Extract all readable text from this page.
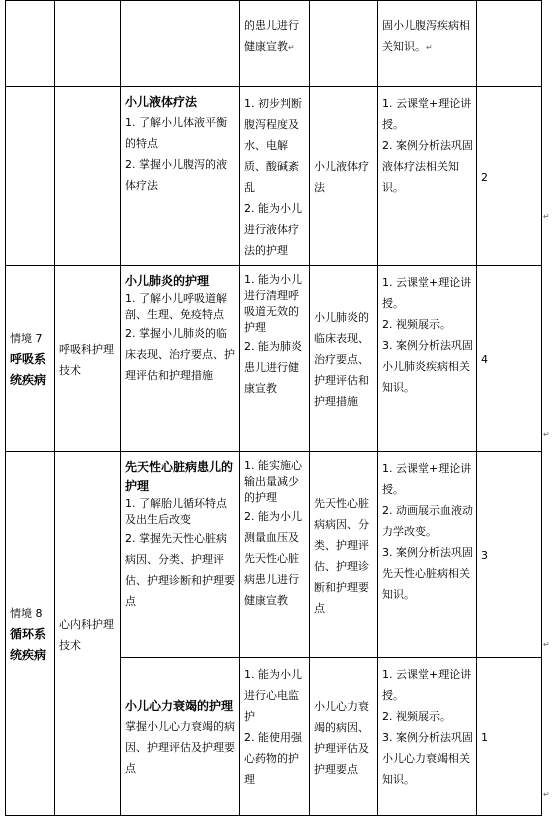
			的患儿进行健康宣教↵		固小儿腹泻疾病相关知识。↵	

		小儿液体疗法
1. 了解小儿体液平衡的特点
2. 掌握小儿腹泻的液体疗法	1. 初步判断腹泻程度及水、电解质、酸碱紊乱
2. 能为小儿进行液体疗法的护理	小儿液体疗法	1. 云课堂+理论讲授。
2. 案例分析法巩固液体疗法相关知识。	2

情境 7
呼吸系统疾病	呼吸科护理技术	小儿肺炎的护理
1. 了解小儿呼吸道解剖、生理、免疫特点
2. 掌握小儿肺炎的临床表现、治疗要点、护理评估和护理措施	1. 能为小儿进行清理呼吸道无效的护理
2. 能为肺炎患儿进行健康宣教	小儿肺炎的临床表现、治疗要点、护理评估和护理措施	1. 云课堂+理论讲授。
2. 视频展示。
3. 案例分析法巩固小儿肺炎疾病相关知识。	4

情境 8
循环系统疾病	心内科护理技术	先天性心脏病患儿的护理
1. 了解胎儿循环特点及出生后改变
2. 掌握先天性心脏病病因、分类、护理评估、护理诊断和护理要点	1. 能实施心输出量减少的护理
2. 能为小儿测量血压及先天性心脏病患儿进行健康宣教	先天性心脏病病因、分类、护理评估、护理诊断和护理要点	1. 云课堂+理论讲授。
2. 动画展示血液动力学改变。
3. 案例分析法巩固先天性心脏病相关知识。	3

		小儿心力衰竭的护理
掌握小儿心力衰竭的病因、护理评估及护理要点	1. 能为小儿进行心电监护
2. 能使用强心药物的护理	小儿心力衰竭的病因、护理评估及护理要点	1. 云课堂+理论讲授。
2. 视频展示。
3. 案例分析法巩固小儿心力衰竭相关知识。	1
↵
↵
↵
↵
